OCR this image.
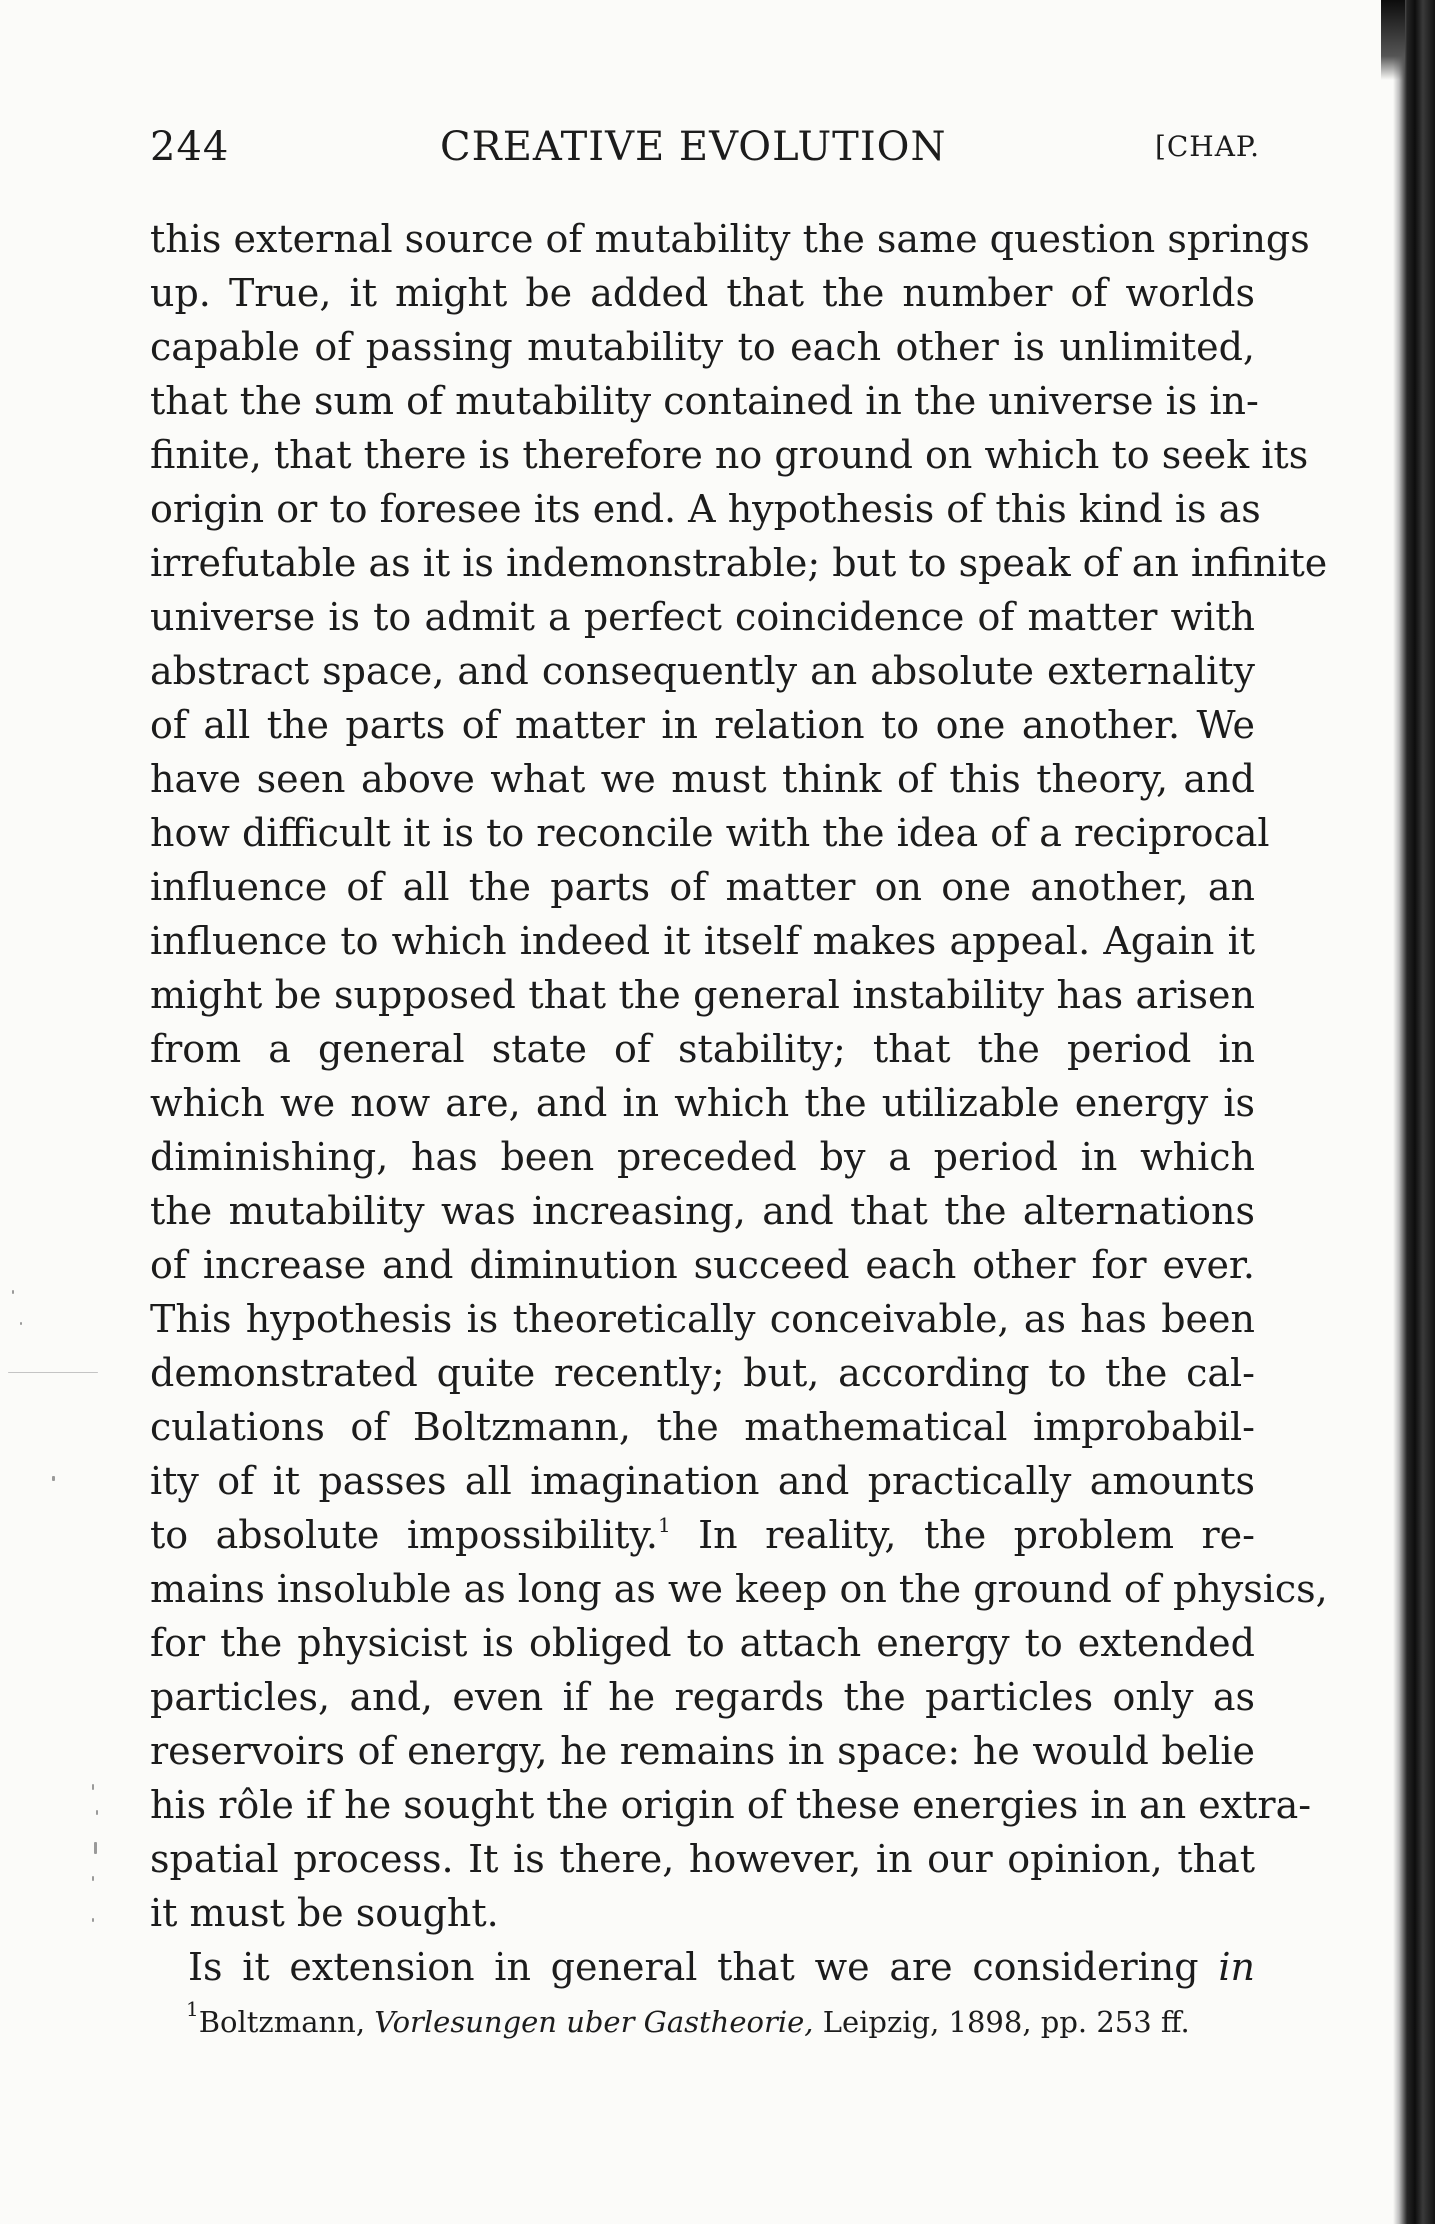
244	CREATIVE EVOLUTION	[CHAP.
this external source of mutability the same question springs
up. True, it might be added that the number of worlds
capable of passing mutability to each other is unlimited,
that the sum of mutability contained in the universe is in-
finite, that there is therefore no ground on which to seek its
origin or to foresee its end. A hypothesis of this kind is as
irrefutable as it is indemonstrable; but to speak of an infinite
universe is to admit a perfect coincidence of matter with
abstract space, and consequently an absolute externality
of all the parts of matter in relation to one another. We
have seen above what we must think of this theory, and
how difficult it is to reconcile with the idea of a reciprocal
influence of all the parts of matter on one another, an
influence to which indeed it itself makes appeal. Again it
might be supposed that the general instability has arisen
from a general state of stability; that the period in
which we now are, and in which the utilizable energy is
diminishing, has been preceded by a period in which
the mutability was increasing, and that the alternations
of increase and diminution succeed each other for ever.
This hypothesis is theoretically conceivable, as has been
demonstrated quite recently; but, according to the cal-
culations of Boltzmann, the mathematical improbabil-
ity of it passes all imagination and practically amounts
to absolute impossibility.$^1$ In reality, the problem re-
mains insoluble as long as we keep on the ground of physics,
for the physicist is obliged to attach energy to extended
particles, and, even if he regards the particles only as
reservoirs of energy, he remains in space: he would belie
his rôle if he sought the origin of these energies in an extra-
spatial process. It is there, however, in our opinion, that
it must be sought.
Is it extension in general that we are considering in
$^1$Boltzmann, Vorlesungen uber Gastheorie, Leipzig, 1898, pp. 253 ff.
